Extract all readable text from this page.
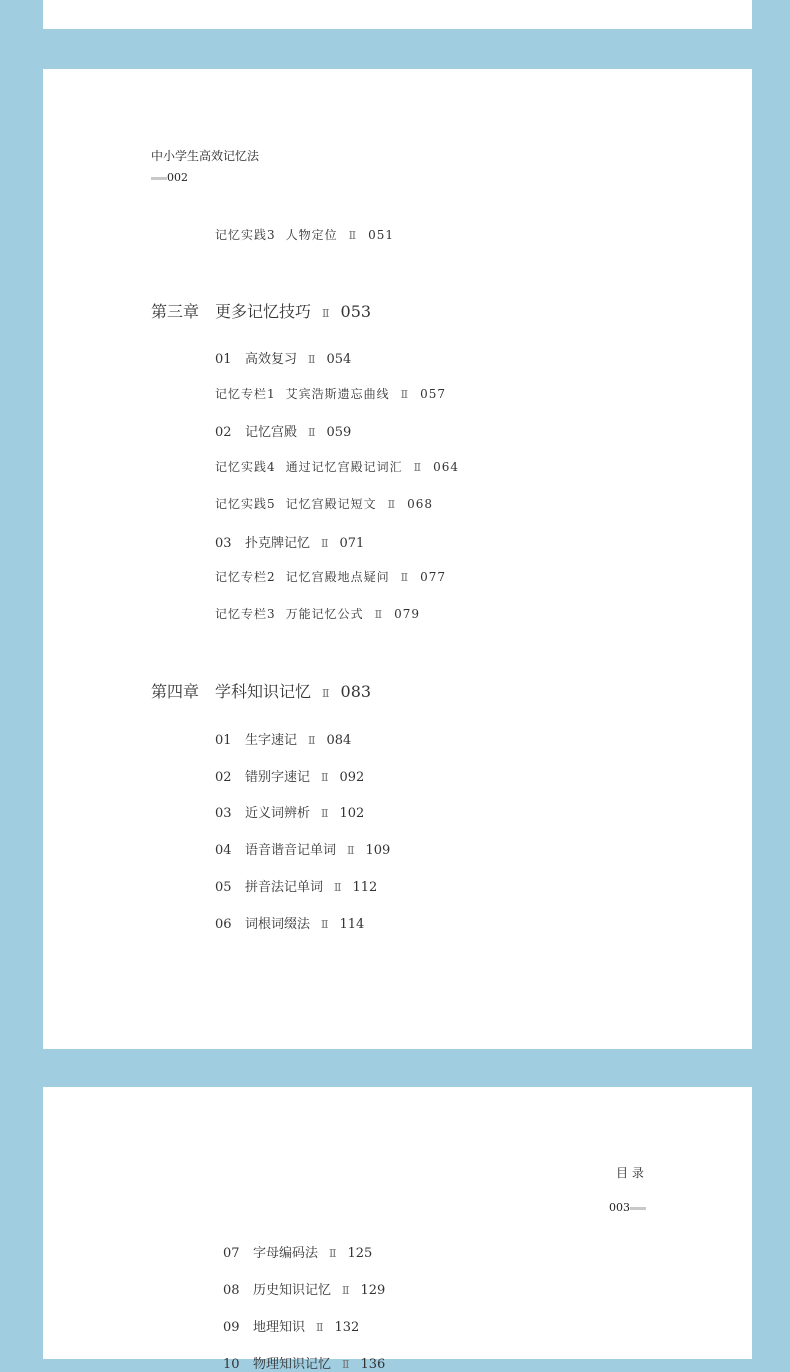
中小学生高效记忆法
002
记忆实践3 人物定位 Ⅱ 051
第三章 更多记忆技巧 Ⅱ 053
01 高效复习 Ⅱ 054
记忆专栏1 艾宾浩斯遗忘曲线 Ⅱ 057
02 记忆宫殿 Ⅱ 059
记忆实践4 通过记忆宫殿记词汇 Ⅱ 064
记忆实践5 记忆宫殿记短文 Ⅱ 068
03 扑克牌记忆 Ⅱ 071
记忆专栏2 记忆宫殿地点疑问 Ⅱ 077
记忆专栏3 万能记忆公式 Ⅱ 079
第四章 学科知识记忆 Ⅱ 083
01 生字速记 Ⅱ 084
02 错别字速记 Ⅱ 092
03 近义词辨析 Ⅱ 102
04 语音谐音记单词 Ⅱ 109
05 拼音法记单词 Ⅱ 112
06 词根词缀法 Ⅱ 114
目 录
003
07 字母编码法 Ⅱ 125
08 历史知识记忆 Ⅱ 129
09 地理知识 Ⅱ 132
10 物理知识记忆 Ⅱ 136
